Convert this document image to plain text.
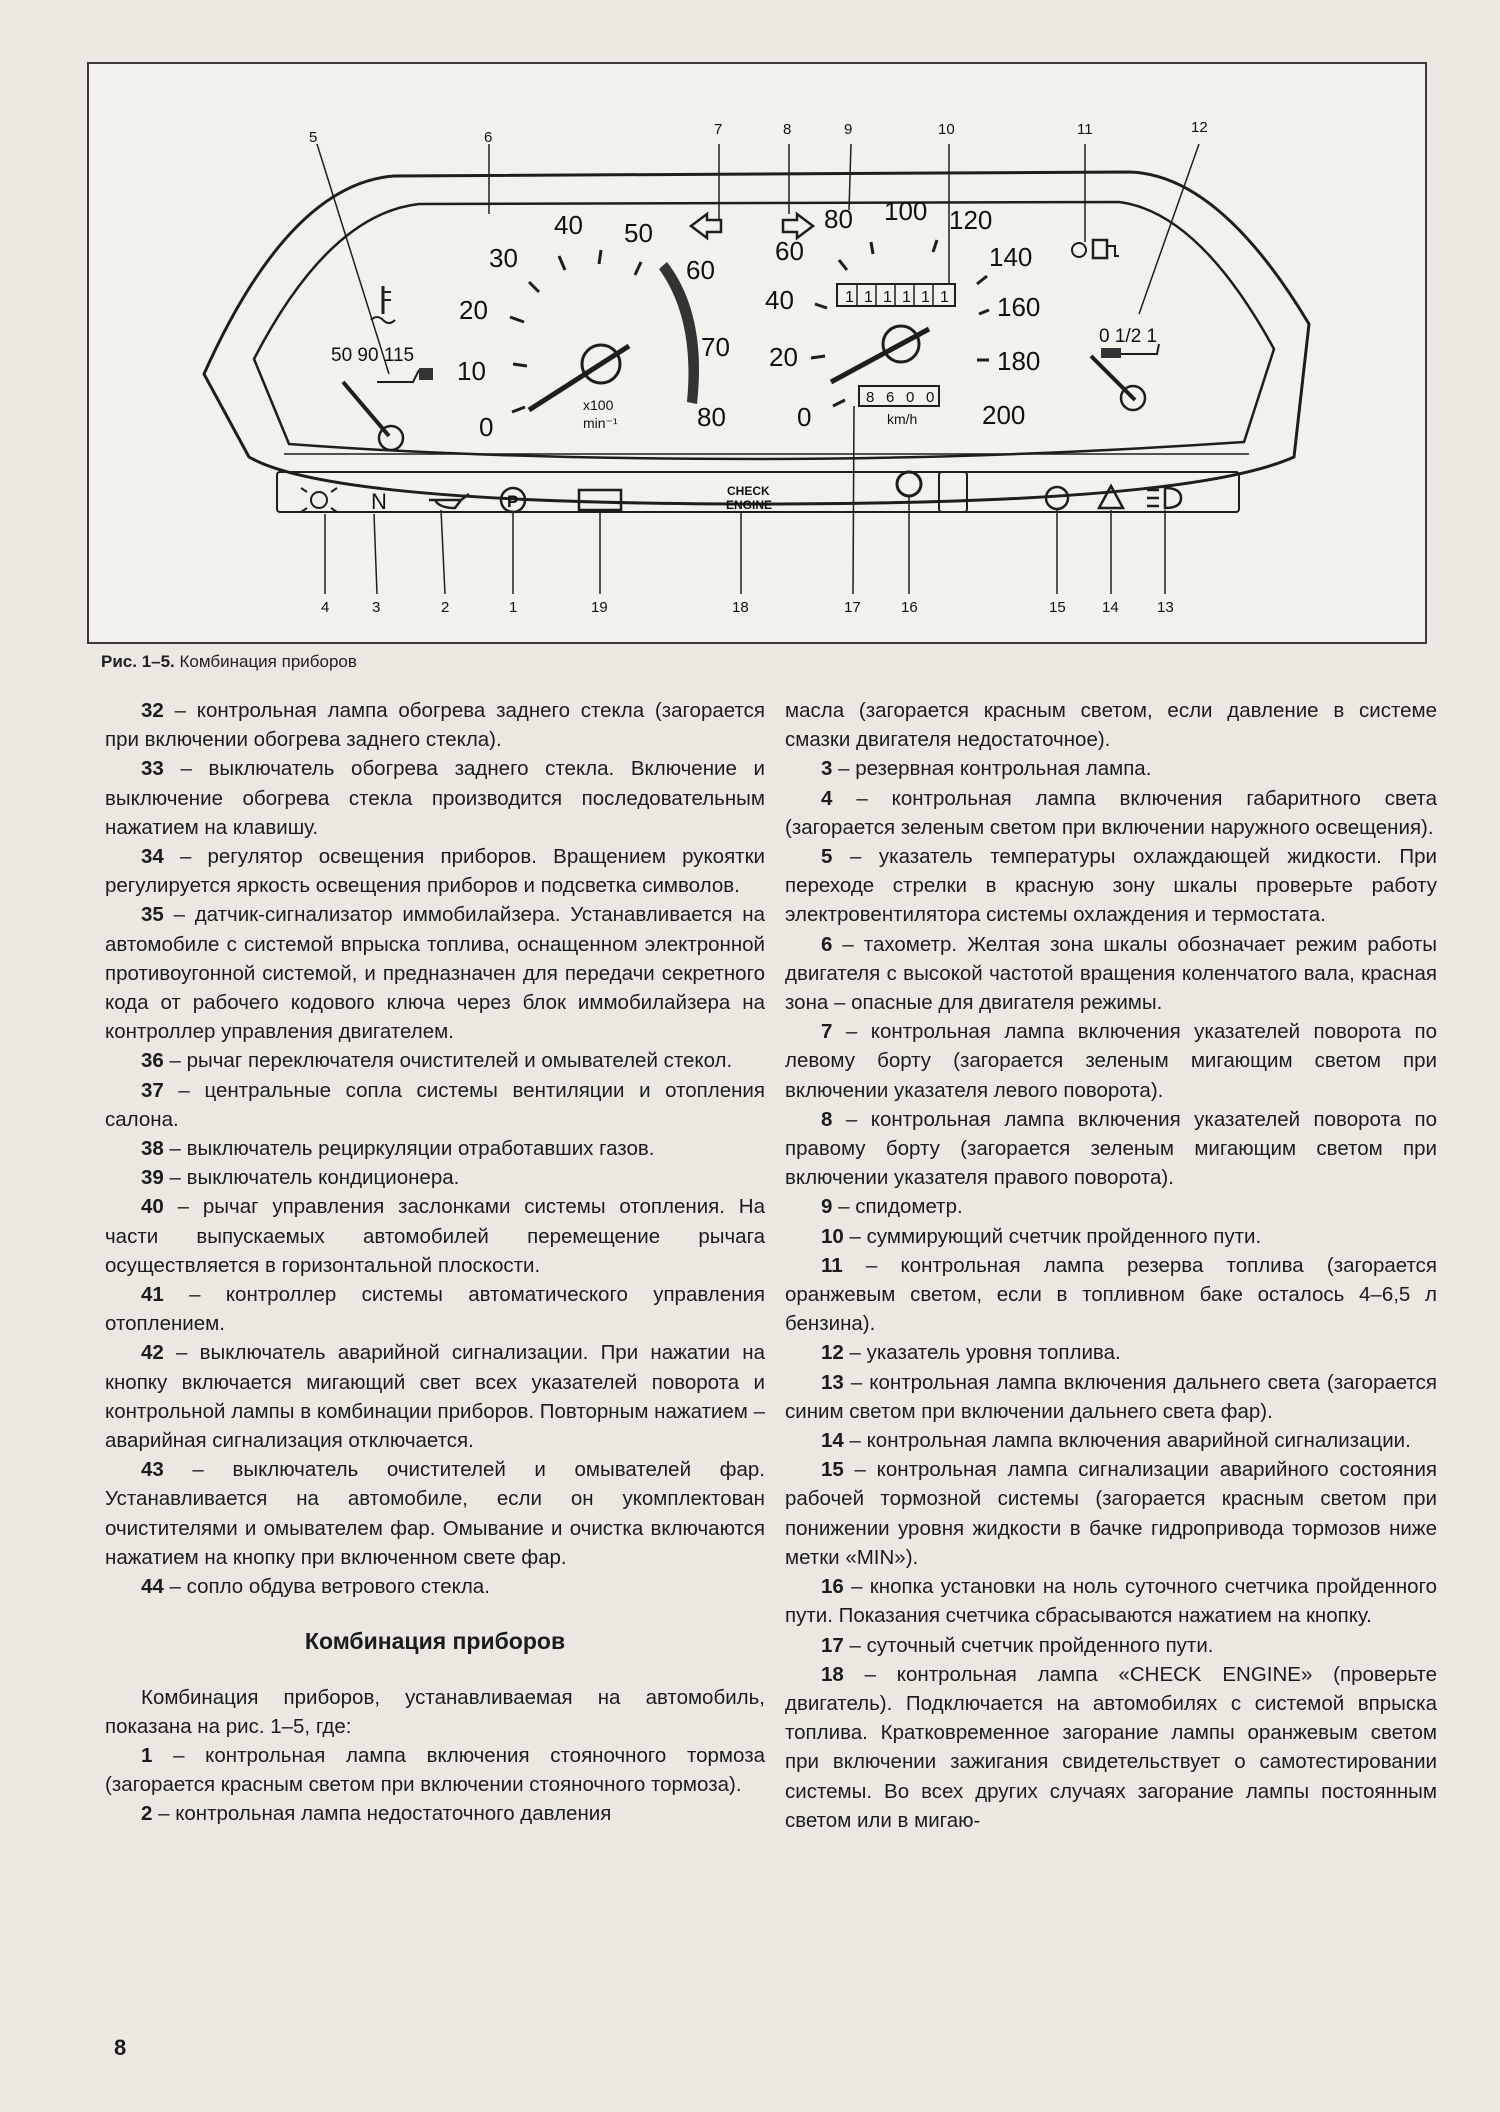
50 90 115
0
10
20
30
40 50
60
70
80
x100
min⁻¹	0
20
40
60
80 100 120
140
160
180
200
1 1 1 1 1 1
8 6 0 0
km/h
0 1/2 1
N	P
CHECK
ENGINE
5	6	7	8	9	10	11	12
4	3	2	1	19	18	17	16	15 14	13
Рис. 1–5. Комбинация приборов

32 – контрольная лампа обогрева заднего стекла (загорается при включении обогрева заднего стекла).

33 – выключатель обогрева заднего стекла. Включение и выключение обогрева стекла производится последовательным нажатием на клавишу.

34 – регулятор освещения приборов. Вращением рукоятки регулируется яркость освещения приборов и подсветка символов.

35 – датчик-сигнализатор иммобилайзера. Устанавливается на автомобиле с системой впрыска топлива, оснащенном электронной противоугонной системой, и предназначен для передачи секретного кода от рабочего кодового ключа через блок иммобилайзера на контроллер управления двигателем.

36 – рычаг переключателя очистителей и омывателей стекол.

37 – центральные сопла системы вентиляции и отопления салона.

38 – выключатель рециркуляции отработавших газов.

39 – выключатель кондиционера.

40 – рычаг управления заслонками системы отопления. На части выпускаемых автомобилей перемещение рычага осуществляется в горизонтальной плоскости.

41 – контроллер системы автоматического управления отоплением.

42 – выключатель аварийной сигнализации. При нажатии на кнопку включается мигающий свет всех указателей поворота и контрольной лампы в комбинации приборов. Повторным нажатием – аварийная сигнализация отключается.

43 – выключатель очистителей и омывателей фар. Устанавливается на автомобиле, если он укомплектован очистителями и омывателем фар. Омывание и очистка включаются нажатием на кнопку при включенном свете фар.

44 – сопло обдува ветрового стекла.

Комбинация приборов

Комбинация приборов, устанавливаемая на автомобиль, показана на рис. 1–5, где:

1 – контрольная лампа включения стояночного тормоза (загорается красным светом при включении стояночного тормоза).

2 – контрольная лампа недостаточного давления

масла (загорается красным светом, если давление в системе смазки двигателя недостаточное).

3 – резервная контрольная лампа.

4 – контрольная лампа включения габаритного света (загорается зеленым светом при включении наружного освещения).

5 – указатель температуры охлаждающей жидкости. При переходе стрелки в красную зону шкалы проверьте работу электровентилятора системы охлаждения и термостата.

6 – тахометр. Желтая зона шкалы обозначает режим работы двигателя с высокой частотой вращения коленчатого вала, красная зона – опасные для двигателя режимы.

7 – контрольная лампа включения указателей поворота по левому борту (загорается зеленым мигающим светом при включении указателя левого поворота).

8 – контрольная лампа включения указателей поворота по правому борту (загорается зеленым мигающим светом при включении указателя правого поворота).

9 – спидометр.

10 – суммирующий счетчик пройденного пути.

11 – контрольная лампа резерва топлива (загорается оранжевым светом, если в топливном баке осталось 4–6,5 л бензина).

12 – указатель уровня топлива.

13 – контрольная лампа включения дальнего света (загорается синим светом при включении дальнего света фар).

14 – контрольная лампа включения аварийной сигнализации.

15 – контрольная лампа сигнализации аварийного состояния рабочей тормозной системы (загорается красным светом при понижении уровня жидкости в бачке гидропривода тормозов ниже метки «MIN»).

16 – кнопка установки на ноль суточного счетчика пройденного пути. Показания счетчика сбрасываются нажатием на кнопку.

17 – суточный счетчик пройденного пути.

18 – контрольная лампа «CHECK ENGINE» (проверьте двигатель). Подключается на автомобилях с системой впрыска топлива. Кратковременное загорание лампы оранжевым светом при включении зажигания свидетельствует о самотестировании системы. Во всех других случаях загорание лампы постоянным светом или в мигаю-

8
